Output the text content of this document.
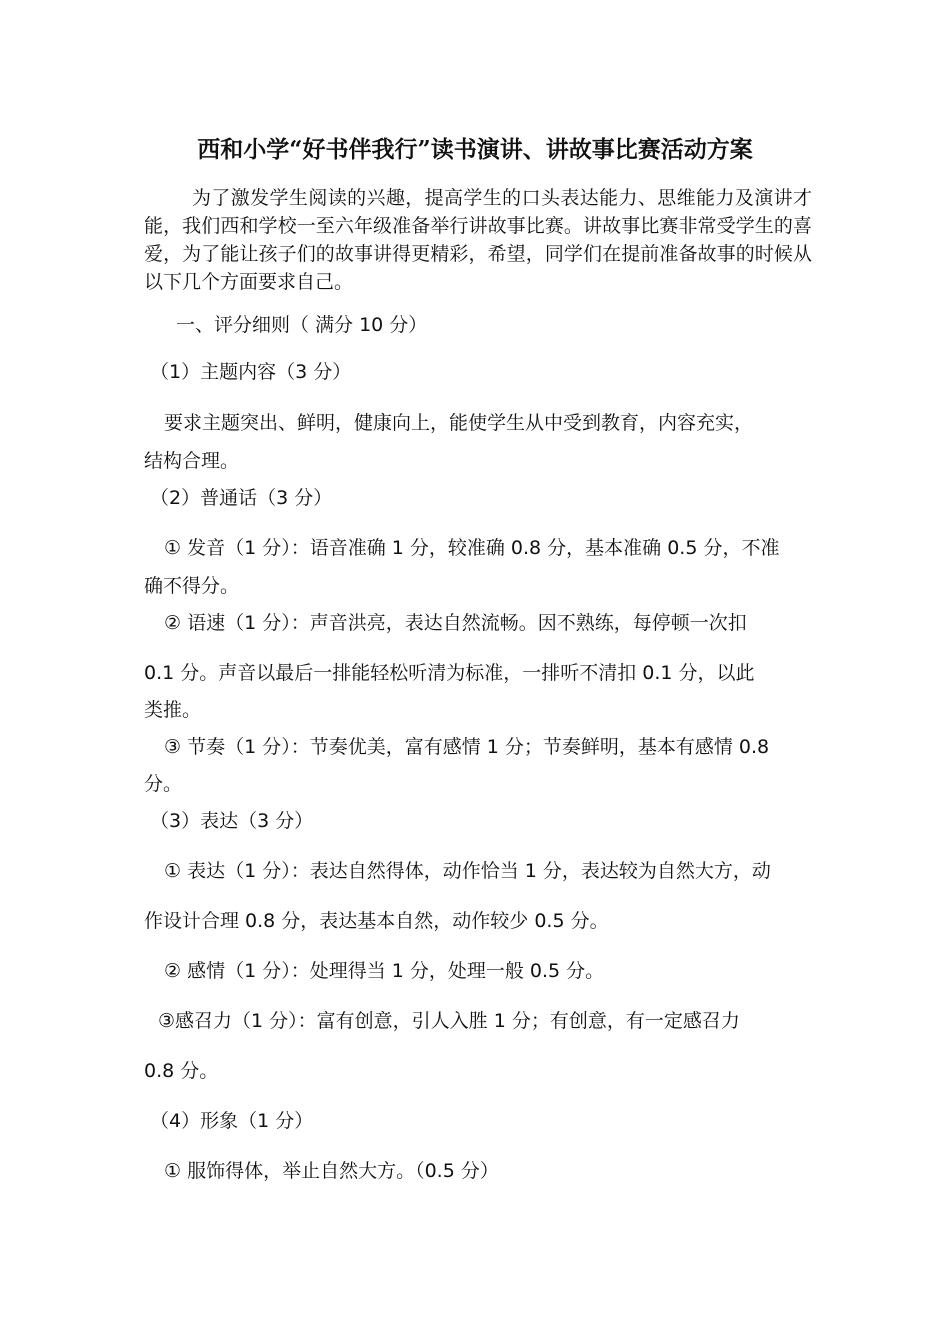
西和小学“好书伴我行”读书演讲、讲故事比赛活动方案

为了激发学生阅读的兴趣，提高学生的口头表达能力、思维能力及演讲才能，我们西和学校一至六年级准备举行讲故事比赛。讲故事比赛非常受学生的喜爱，为了能让孩子们的故事讲得更精彩，希望，同学们在提前准备故事的时候从以下几个方面要求自己。

一、评分细则（ 满分 10 分）

（1）主题内容（3 分）

要求主题突出、鲜明，健康向上，能使学生从中受到教育，内容充实，

结构合理。

（2）普通话（3 分）

① 发音（1 分）：语音准确 1 分，较准确 0.8 分，基本准确 0.5 分，不准

确不得分。

② 语速（1 分）：声音洪亮，表达自然流畅。因不熟练，每停顿一次扣

0.1 分。声音以最后一排能轻松听清为标准，一排听不清扣 0.1 分，以此

类推。

③ 节奏（1 分）：节奏优美，富有感情 1 分；节奏鲜明，基本有感情 0.8

分。

（3）表达（3 分）

① 表达（1 分）：表达自然得体，动作恰当 1 分，表达较为自然大方，动

作设计合理 0.8 分，表达基本自然，动作较少 0.5 分。

② 感情（1 分）：处理得当 1 分，处理一般 0.5 分。

③感召力（1 分）：富有创意，引人入胜 1 分；有创意，有一定感召力

0.8 分。

（4）形象（1 分）

① 服饰得体，举止自然大方。（0.5 分）
